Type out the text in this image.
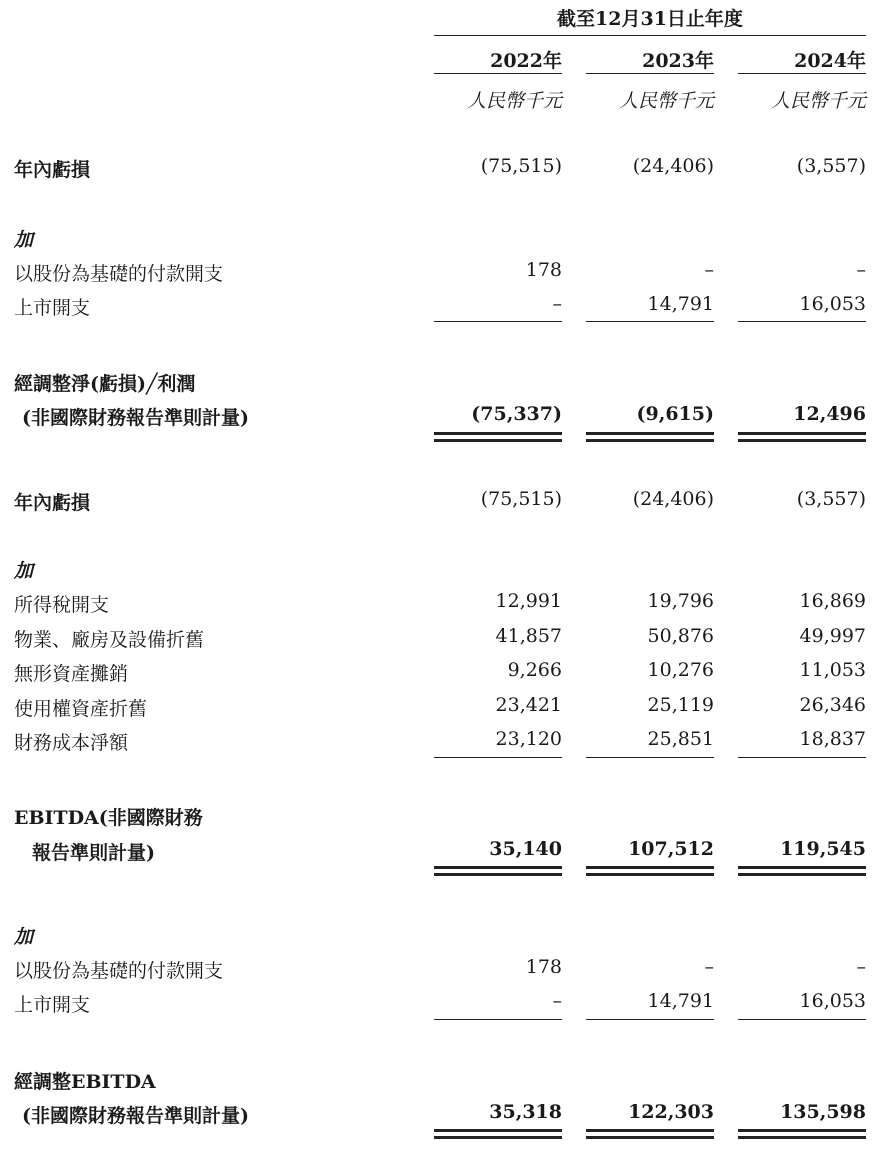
截至12月31日止年度
2022年	2023年	2024年
人民幣千元	人民幣千元	人民幣千元
年內虧損	(75,515)	(24,406)	(3,557)
加
以股份為基礎的付款開支	178	–	–
上市開支	–	14,791	16,053
經調整淨(虧損)╱利潤
(非國際財務報告準則計量)	(75,337)	(9,615)	12,496
年內虧損	(75,515)	(24,406)	(3,557)
加
所得稅開支	12,991	19,796	16,869
物業、廠房及設備折舊	41,857	50,876	49,997
無形資產攤銷	9,266	10,276	11,053
使用權資產折舊	23,421	25,119	26,346
財務成本淨額	23,120	25,851	18,837
EBITDA(非國際財務
報告準則計量)	35,140	107,512	119,545
加
以股份為基礎的付款開支	178	–	–
上市開支	–	14,791	16,053
經調整EBITDA
(非國際財務報告準則計量)	35,318	122,303	135,598
